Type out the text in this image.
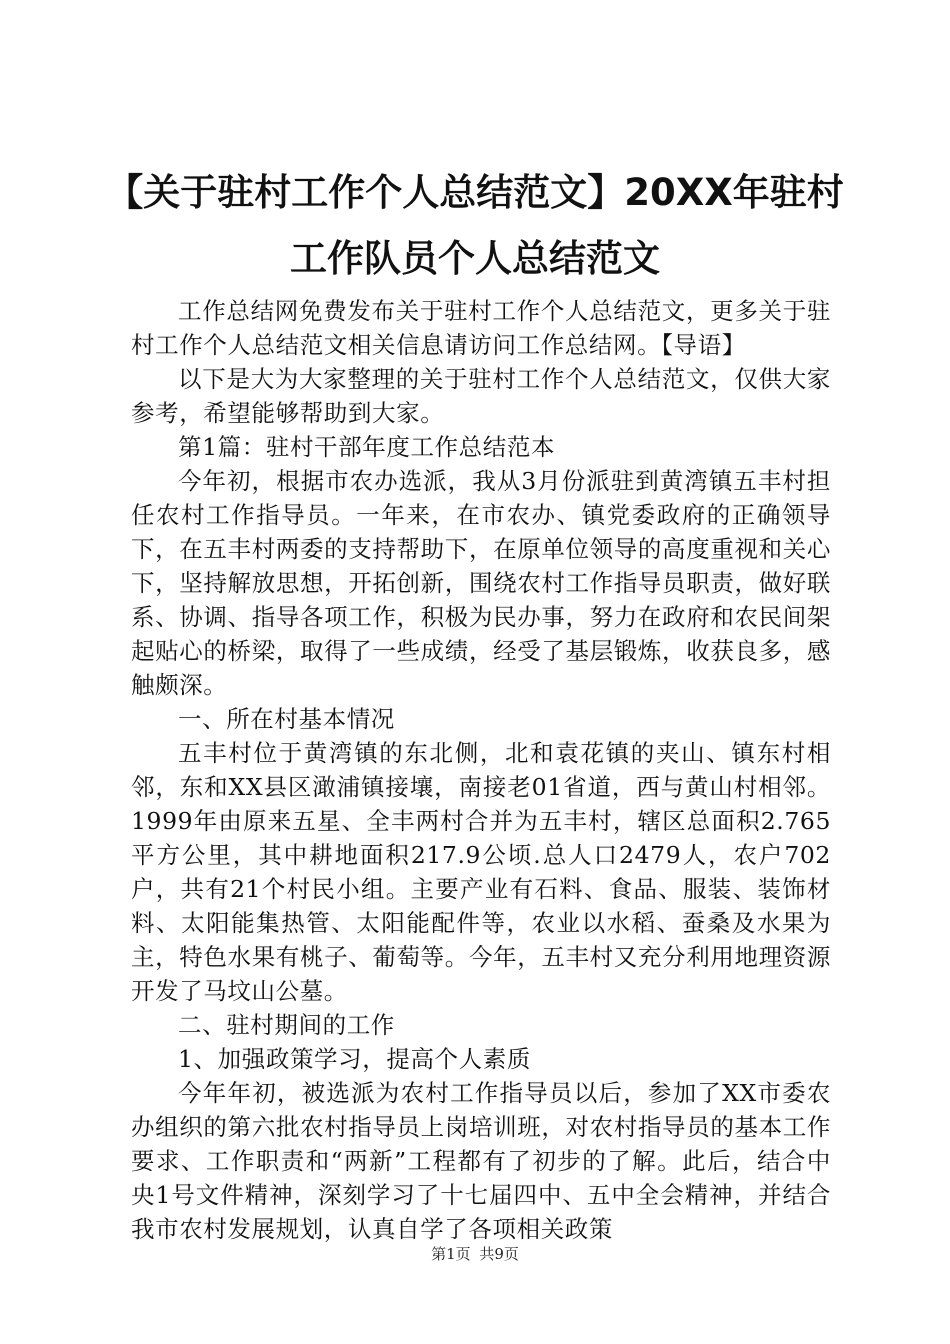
【关于驻村工作个人总结范文】20XX年驻村
工作队员个人总结范文

工作总结网免费发布关于驻村工作个人总结范文，更多关于驻村工作个人总结范文相关信息请访问工作总结网。【导语】

以下是大为大家整理的关于驻村工作个人总结范文，仅供大家参考，希望能够帮助到大家。

第1篇：驻村干部年度工作总结范本

今年初，根据市农办选派，我从3月份派驻到黄湾镇五丰村担任农村工作指导员。一年来，在市农办、镇党委政府的正确领导下，在五丰村两委的支持帮助下，在原单位领导的高度重视和关心下，坚持解放思想，开拓创新，围绕农村工作指导员职责，做好联系、协调、指导各项工作，积极为民办事，努力在政府和农民间架起贴心的桥梁，取得了一些成绩，经受了基层锻炼，收获良多，感触颇深。

一、所在村基本情况

五丰村位于黄湾镇的东北侧，北和袁花镇的夹山、镇东村相邻，东和XX县区澉浦镇接壤，南接老01省道，西与黄山村相邻。1999年由原来五星、全丰两村合并为五丰村，辖区总面积2.765平方公里，其中耕地面积217.9公顷.总人口2479人，农户702户，共有21个村民小组。主要产业有石料、食品、服装、装饰材料、太阳能集热管、太阳能配件等，农业以水稻、蚕桑及水果为主，特色水果有桃子、葡萄等。今年，五丰村又充分利用地理资源开发了马坟山公墓。

二、驻村期间的工作

1、加强政策学习，提高个人素质

今年年初，被选派为农村工作指导员以后，参加了XX市委农办组织的第六批农村指导员上岗培训班，对农村指导员的基本工作要求、工作职责和“两新”工程都有了初步的了解。此后，结合中央1号文件精神，深刻学习了十七届四中、五中全会精神，并结合我市农村发展规划，认真自学了各项相关政策

第1页 共9页
